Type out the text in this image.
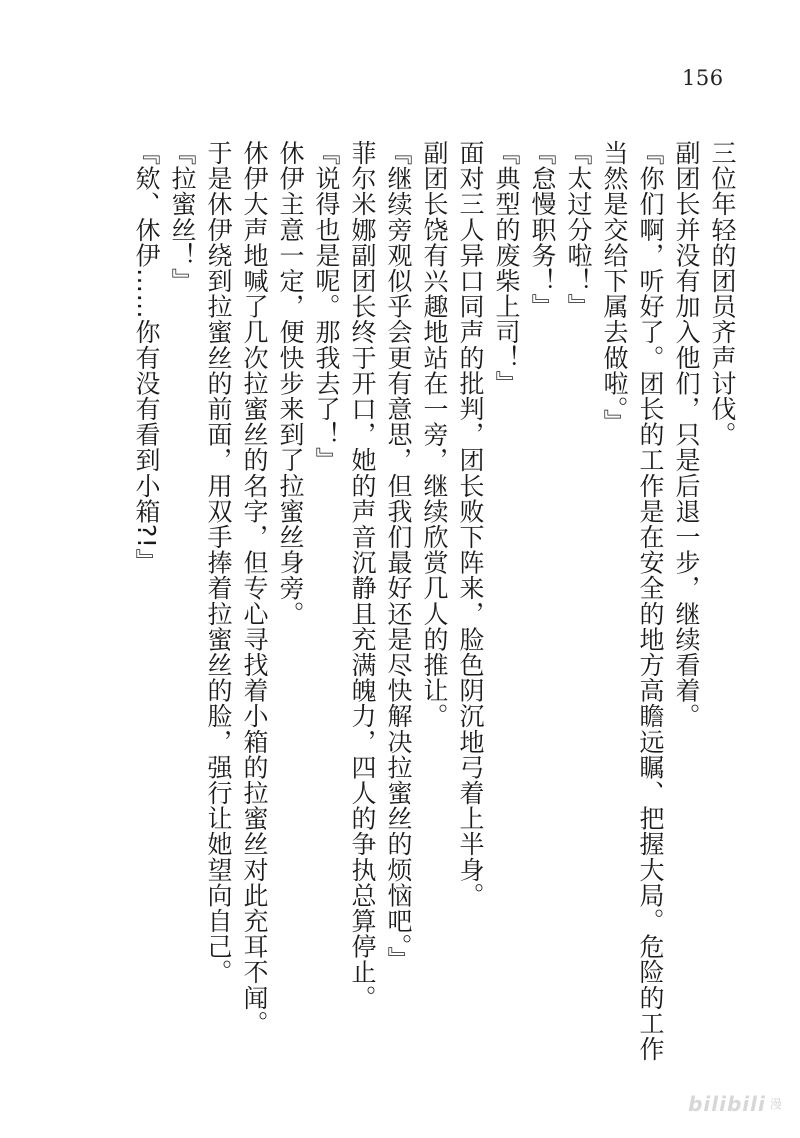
156

三位年轻的团员齐声讨伐。

副团长并没有加入他们，只是后退一步，继续看着。

『你们啊，听好了。团长的工作是在安全的地方高瞻远瞩、把握大局。危险的工作当然是交给下属去做啦。』

『太过分啦！』

『怠慢职务！』

『典型的废柴上司！』

面对三人异口同声的批判，团长败下阵来，脸色阴沉地弓着上半身。

副团长饶有兴趣地站在一旁，继续欣赏几人的推让。

『继续旁观似乎会更有意思，但我们最好还是尽快解决拉蜜丝的烦恼吧。』

菲尔米娜副团长终于开口，她的声音沉静且充满魄力，四人的争执总算停止。

『说得也是呢。那我去了！』

休伊主意一定，便快步来到了拉蜜丝身旁。

休伊大声地喊了几次拉蜜丝的名字，但专心寻找着小箱的拉蜜丝对此充耳不闻。

于是休伊绕到拉蜜丝的前面，用双手捧着拉蜜丝的脸，强行让她望向自己。

『拉蜜丝！』

『欸、休伊……你有没有看到小箱?!』

bilibili 漫
